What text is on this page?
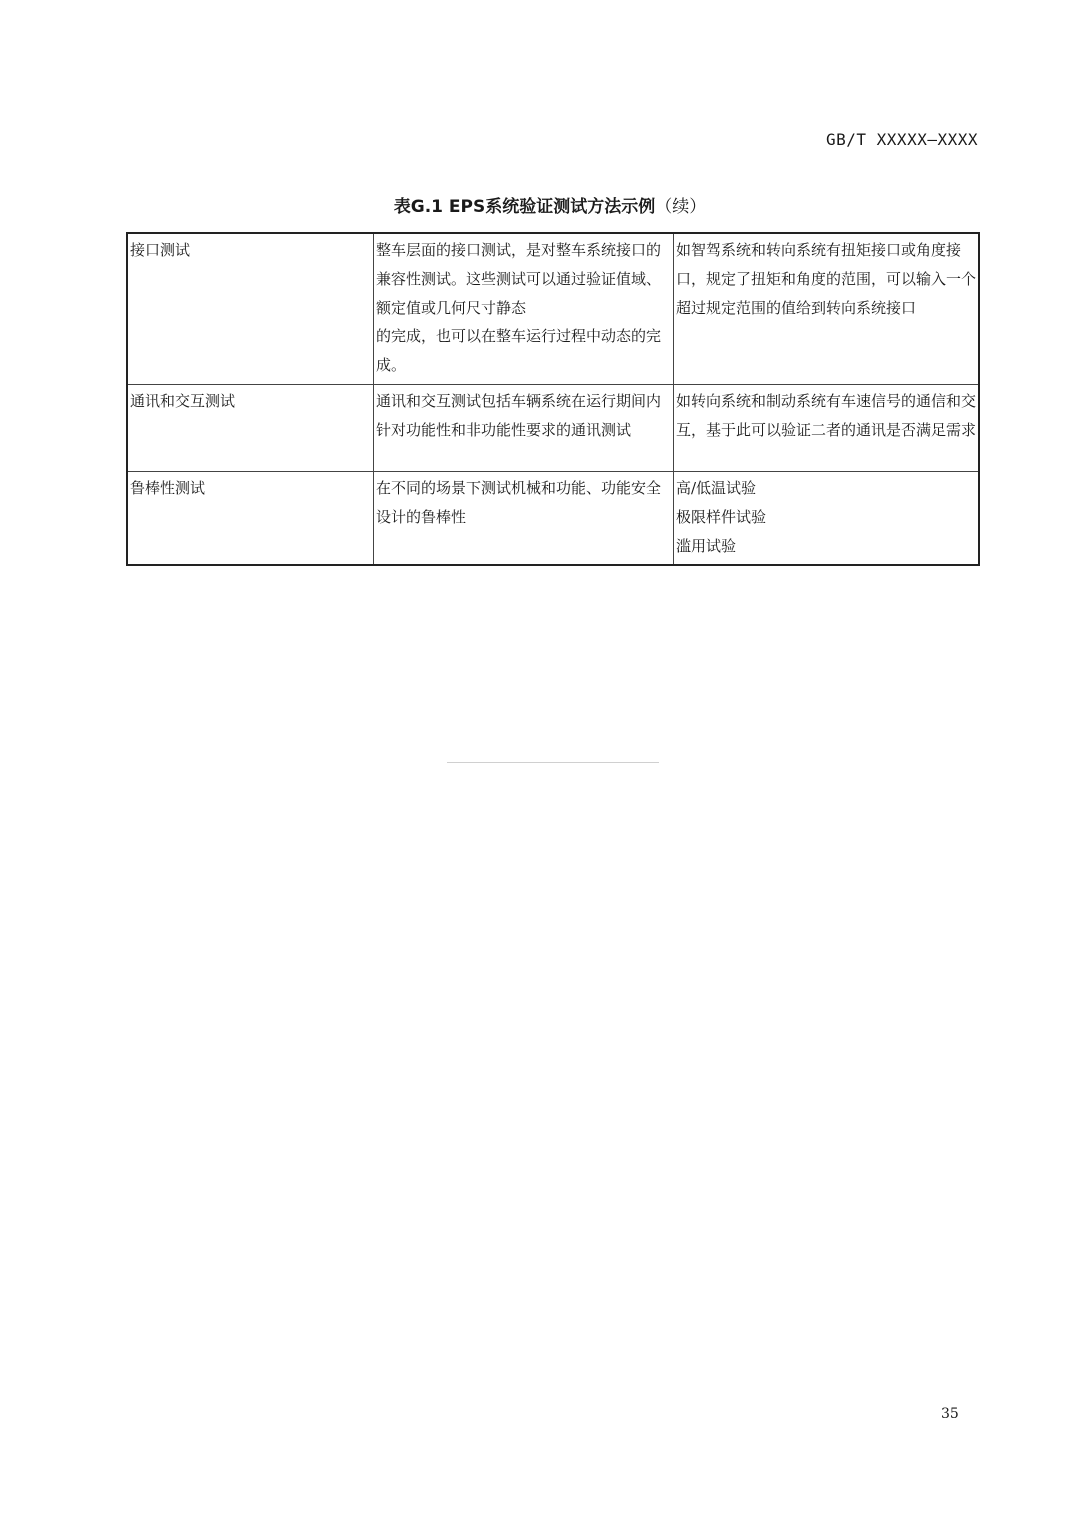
GB/T XXXXX—XXXX
表G.1 EPS系统验证测试方法示例（续）
接口测试	整车层面的接口测试，是对整车系统接口的兼容性测试。这些测试可以通过验证值域、额定值或几何尺寸静态
的完成，也可以在整车运行过程中动态的完成。	如智驾系统和转向系统有扭矩接口或角度接口，规定了扭矩和角度的范围，可以输入一个超过规定范围的值给到转向系统接口

通讯和交互测试	通讯和交互测试包括车辆系统在运行期间内针对功能性和非功能性要求的通讯测试	如转向系统和制动系统有车速信号的通信和交互，基于此可以验证二者的通讯是否满足需求

鲁棒性测试	在不同的场景下测试机械和功能、功能安全设计的鲁棒性	高/低温试验
极限样件试验
滥用试验
35
